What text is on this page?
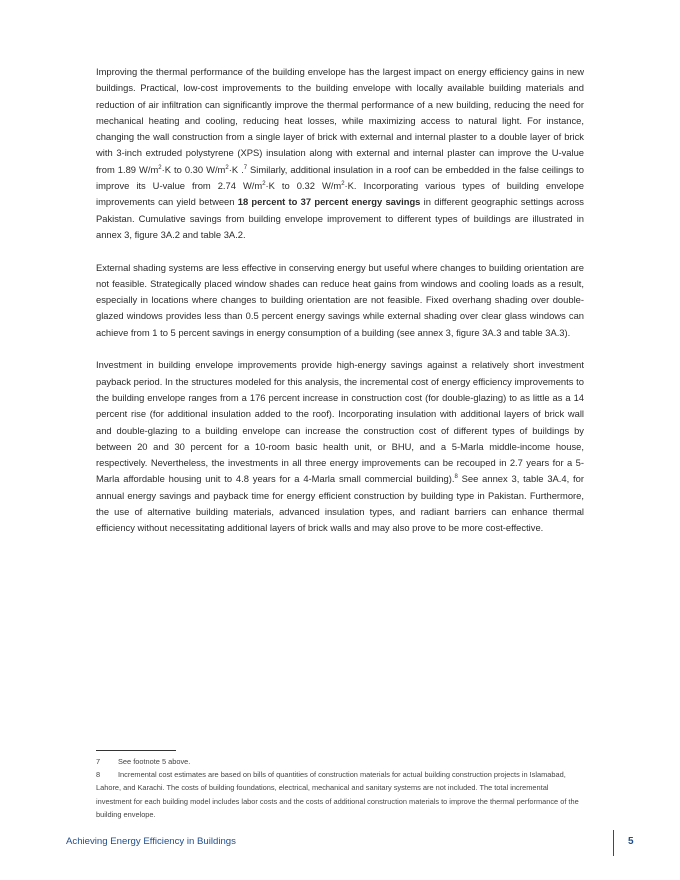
Improving the thermal performance of the building envelope has the largest impact on energy efficiency gains in new buildings. Practical, low-cost improvements to the building envelope with locally available building materials and reduction of air infiltration can significantly improve the thermal performance of a new building, reducing the need for mechanical heating and cooling, reducing heat losses, while maximizing access to natural light. For instance, changing the wall construction from a single layer of brick with external and internal plaster to a double layer of brick with 3-inch extruded polystyrene (XPS) insulation along with external and internal plaster can improve the U-value from 1.89 $W/m^2\cdot K$ to 0.30 $W/m^2\cdot K$ .$^7$ Similarly, additional insulation in a roof can be embedded in the false ceilings to improve its U-value from 2.74 $W/m^2\cdot K$ to 0.32 $W/m^2\cdot K$. Incorporating various types of building envelope improvements can yield between 18 percent to 37 percent energy savings in different geographic settings across Pakistan. Cumulative savings from building envelope improvement to different types of buildings are illustrated in annex 3, figure 3A.2 and table 3A.2.

External shading systems are less effective in conserving energy but useful where changes to building orientation are not feasible. Strategically placed window shades can reduce heat gains from windows and cooling loads as a result, especially in locations where changes to building orientation are not feasible. Fixed overhang shading over double-glazed windows provides less than 0.5 percent energy savings while external shading over clear glass windows can achieve from 1 to 5 percent savings in energy consumption of a building (see annex 3, figure 3A.3 and table 3A.3).

Investment in building envelope improvements provide high-energy savings against a relatively short investment payback period. In the structures modeled for this analysis, the incremental cost of energy efficiency improvements to the building envelope ranges from a 176 percent increase in construction cost (for double-glazing) to as little as a 14 percent rise (for additional insulation added to the roof). Incorporating insulation with additional layers of brick wall and double-glazing to a building envelope can increase the construction cost of different types of buildings by between 20 and 30 percent for a 10-room basic health unit, or BHU, and a 5-Marla middle-income house, respectively. Nevertheless, the investments in all three energy improvements can be recouped in 2.7 years for a 5-Marla affordable housing unit to 4.8 years for a 4-Marla small commercial building).$^8$ See annex 3, table 3A.4, for annual energy savings and payback time for energy efficient construction by building type in Pakistan. Furthermore, the use of alternative building materials, advanced insulation types, and radiant barriers can enhance thermal efficiency without necessitating additional layers of brick walls and may also prove to be more cost-effective.

7 See footnote 5 above.
8 Incremental cost estimates are based on bills of quantities of construction materials for actual building construction projects in Islamabad, Lahore, and Karachi. The costs of building foundations, electrical, mechanical and sanitary systems are not included. The total incremental investment for each building model includes labor costs and the costs of additional construction materials to improve the thermal performance of the building envelope.
Achieving Energy Efficiency in Buildings	5
